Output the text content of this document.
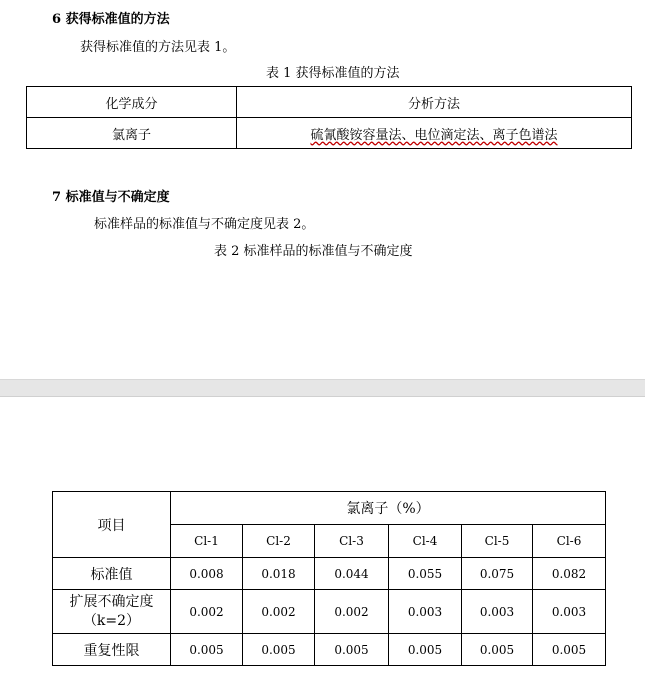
6 获得标准值的方法
获得标准值的方法见表 1。
表 1 获得标准值的方法
化学成分	分析方法
氯离子	硫氰酸铵容量法、电位滴定法、离子色谱法
7 标准值与不确定度
标准样品的标准值与不确定度见表 2。
表 2 标准样品的标准值与不确定度
项目	氯离子（%）					
	Cl-1	Cl-2	Cl-3	Cl-4	Cl-5	Cl-6
标准值	0.008	0.018	0.044	0.055	0.075	0.082

扩展不确定度
（k=2）	0.002	0.002	0.002	0.003	0.003	0.003
重复性限	0.005	0.005	0.005	0.005	0.005	0.005
